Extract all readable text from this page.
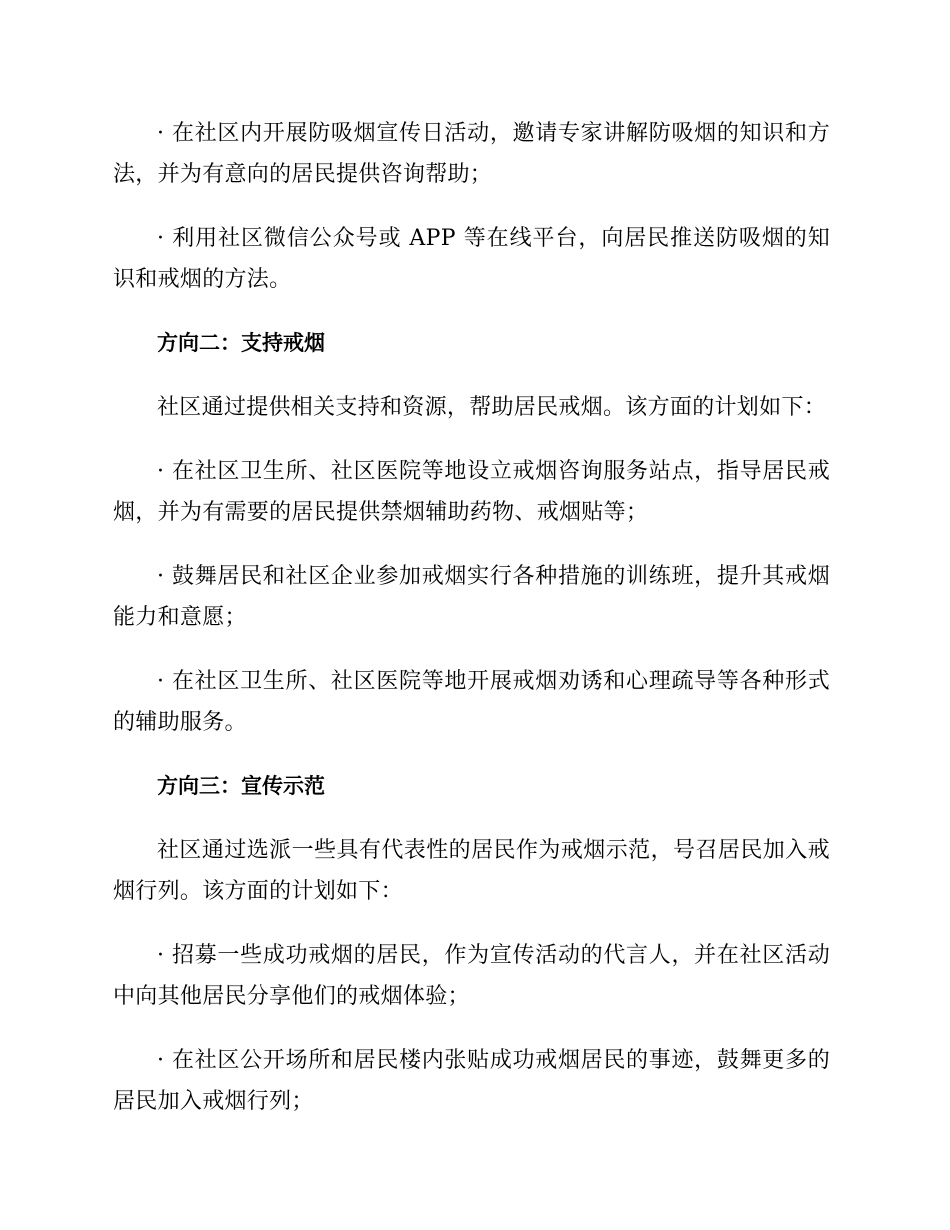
· 在社区内开展防吸烟宣传日活动，邀请专家讲解防吸烟的知识和方法，并为有意向的居民提供咨询帮助；

· 利用社区微信公众号或 APP 等在线平台，向居民推送防吸烟的知识和戒烟的方法。

方向二：支持戒烟

社区通过提供相关支持和资源，帮助居民戒烟。该方面的计划如下：

· 在社区卫生所、社区医院等地设立戒烟咨询服务站点，指导居民戒烟，并为有需要的居民提供禁烟辅助药物、戒烟贴等；

· 鼓舞居民和社区企业参加戒烟实行各种措施的训练班，提升其戒烟能力和意愿；

· 在社区卫生所、社区医院等地开展戒烟劝诱和心理疏导等各种形式的辅助服务。

方向三：宣传示范

社区通过选派一些具有代表性的居民作为戒烟示范，号召居民加入戒烟行列。该方面的计划如下：

· 招募一些成功戒烟的居民，作为宣传活动的代言人，并在社区活动中向其他居民分享他们的戒烟体验；

· 在社区公开场所和居民楼内张贴成功戒烟居民的事迹，鼓舞更多的居民加入戒烟行列；
